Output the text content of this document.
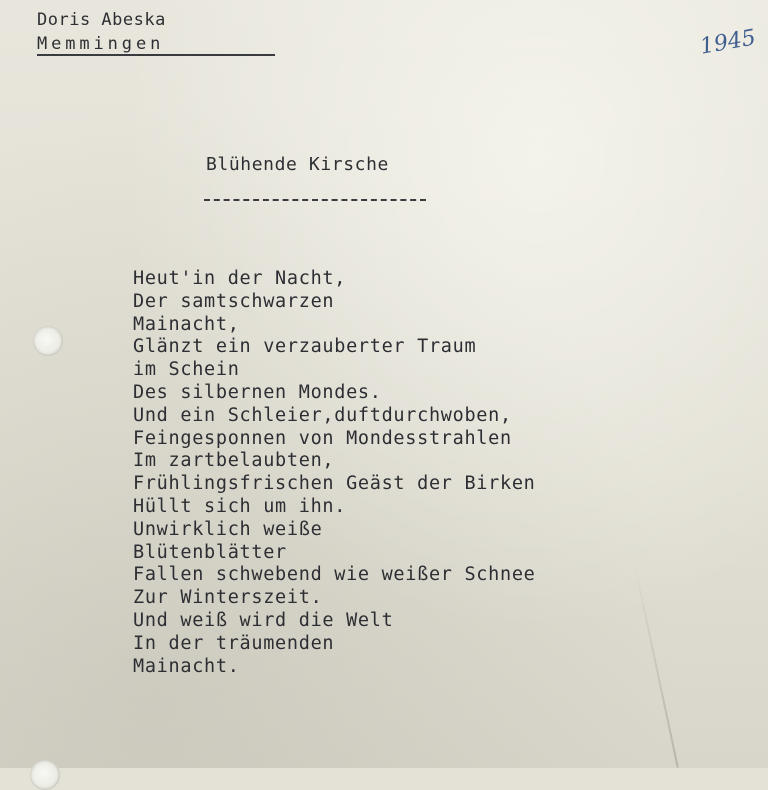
Doris Abeska
Memmingen	1945
Blühende Kirsche
Heut'in der Nacht,
Der samtschwarzen
Mainacht,
Glänzt ein verzauberter Traum
im Schein
Des silbernen Mondes.
Und ein Schleier,duftdurchwoben,
Feingesponnen von Mondesstrahlen
Im zartbelaubten,
Frühlingsfrischen Geäst der Birken
Hüllt sich um ihn.
Unwirklich weiße
Blütenblätter
Fallen schwebend wie weißer Schnee
Zur Winterszeit.
Und weiß wird die Welt
In der träumenden
Mainacht.
